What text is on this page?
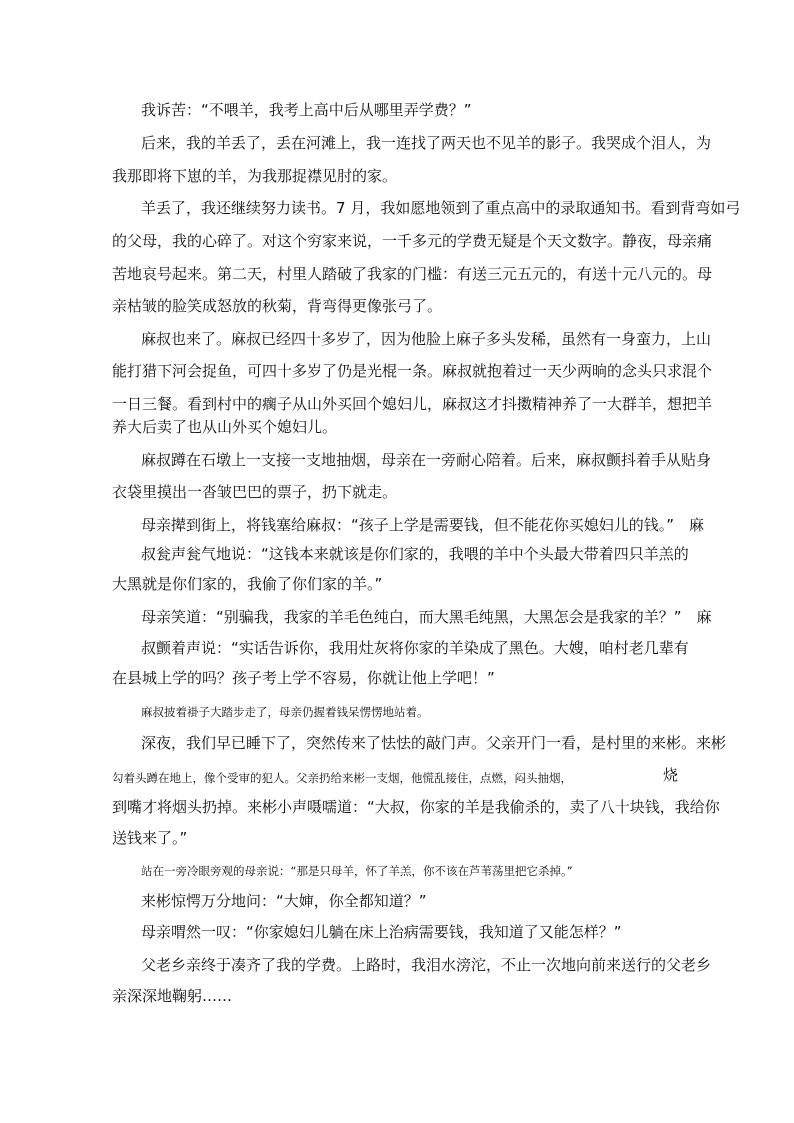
我诉苦：“不喂羊，我考上高中后从哪里弄学费？”
后来，我的羊丢了，丢在河滩上，我一连找了两天也不见羊的影子。我哭成个泪人，为
我那即将下崽的羊，为我那捉襟见肘的家。
羊丢了，我还继续努力读书。7 月，我如愿地领到了重点高中的录取通知书。看到背弯如弓
的父母，我的心碎了。对这个穷家来说，一千多元的学费无疑是个天文数字。静夜，母亲痛
苦地哀号起来。第二天，村里人踏破了我家的门槛：有送三元五元的，有送十元八元的。母
亲枯皱的脸笑成怒放的秋菊，背弯得更像张弓了。
麻叔也来了。麻叔已经四十多岁了，因为他脸上麻子多头发稀，虽然有一身蛮力，上山
能打猎下河会捉鱼，可四十多岁了仍是光棍一条。麻叔就抱着过一天少两晌的念头只求混个
一日三餐。看到村中的瘸子从山外买回个媳妇儿，麻叔这才抖擞精神养了一大群羊，想把羊
养大后卖了也从山外买个媳妇儿。
麻叔蹲在石墩上一支接一支地抽烟，母亲在一旁耐心陪着。后来，麻叔颤抖着手从贴身
衣袋里摸出一沓皱巴巴的票子，扔下就走。
母亲撵到街上，将钱塞给麻叔：“孩子上学是需要钱，但不能花你买媳妇儿的钱。”　麻
叔瓮声瓮气地说：“这钱本来就该是你们家的，我喂的羊中个头最大带着四只羊羔的
大黑就是你们家的，我偷了你们家的羊。”
母亲笑道：“别骗我，我家的羊毛色纯白，而大黑毛纯黑，大黑怎会是我家的羊？”　麻
叔颤着声说：“实话告诉你，我用灶灰将你家的羊染成了黑色。大嫂，咱村老几辈有
在县城上学的吗？孩子考上学不容易，你就让他上学吧！”
麻叔披着褂子大踏步走了，母亲仍握着钱呆愣愣地站着。
深夜，我们早已睡下了，突然传来了怯怯的敲门声。父亲开门一看，是村里的来彬。来彬
勾着头蹲在地上，像个受审的犯人。父亲扔给来彬一支烟，他慌乱接住，点燃，闷头抽烟，	烧
到嘴才将烟头扔掉。来彬小声嗫嚅道：“大叔，你家的羊是我偷杀的，卖了八十块钱，我给你
送钱来了。”
站在一旁冷眼旁观的母亲说：“那是只母羊，怀了羊羔，你不该在芦苇荡里把它杀掉。”
来彬惊愕万分地问：“大婶，你全都知道？”
母亲喟然一叹：“你家媳妇儿躺在床上治病需要钱，我知道了又能怎样？”
父老乡亲终于凑齐了我的学费。上路时，我泪水滂沱，不止一次地向前来送行的父老乡
亲深深地鞠躬……
